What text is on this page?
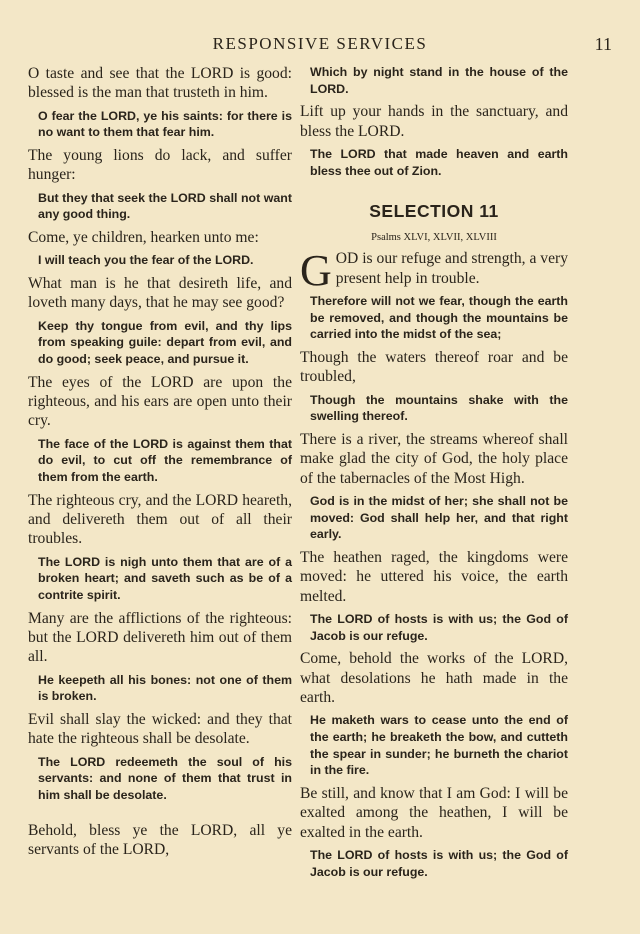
RESPONSIVE SERVICES	11
O taste and see that the LORD is good: blessed is the man that trusteth in him.
O fear the LORD, ye his saints: for there is no want to them that fear him.
The young lions do lack, and suffer hunger:
But they that seek the LORD shall not want any good thing.
Come, ye children, hearken unto me:
I will teach you the fear of the LORD.
What man is he that desireth life, and loveth many days, that he may see good?
Keep thy tongue from evil, and thy lips from speaking guile: depart from evil, and do good; seek peace, and pursue it.
The eyes of the LORD are upon the righteous, and his ears are open unto their cry.
The face of the LORD is against them that do evil, to cut off the remembrance of them from the earth.
The righteous cry, and the LORD heareth, and delivereth them out of all their troubles.
The LORD is nigh unto them that are of a broken heart; and saveth such as be of a contrite spirit.
Many are the afflictions of the righteous: but the LORD delivereth him out of them all.
He keepeth all his bones: not one of them is broken.
Evil shall slay the wicked: and they that hate the righteous shall be desolate.
The LORD redeemeth the soul of his servants: and none of them that trust in him shall be desolate.
Behold, bless ye the LORD, all ye servants of the LORD,
Which by night stand in the house of the LORD.
Lift up your hands in the sanctuary, and bless the LORD.
The LORD that made heaven and earth bless thee out of Zion.
SELECTION 11
Psalms XLVI, XLVII, XLVIII
GOD is our refuge and strength, a very present help in trouble.
Therefore will not we fear, though the earth be removed, and though the mountains be carried into the midst of the sea;
Though the waters thereof roar and be troubled,
Though the mountains shake with the swelling thereof.
There is a river, the streams whereof shall make glad the city of God, the holy place of the tabernacles of the Most High.
God is in the midst of her; she shall not be moved: God shall help her, and that right early.
The heathen raged, the kingdoms were moved: he uttered his voice, the earth melted.
The LORD of hosts is with us; the God of Jacob is our refuge.
Come, behold the works of the LORD, what desolations he hath made in the earth.
He maketh wars to cease unto the end of the earth; he breaketh the bow, and cutteth the spear in sunder; he burneth the chariot in the fire.
Be still, and know that I am God: I will be exalted among the heathen, I will be exalted in the earth.
The LORD of hosts is with us; the God of Jacob is our refuge.
